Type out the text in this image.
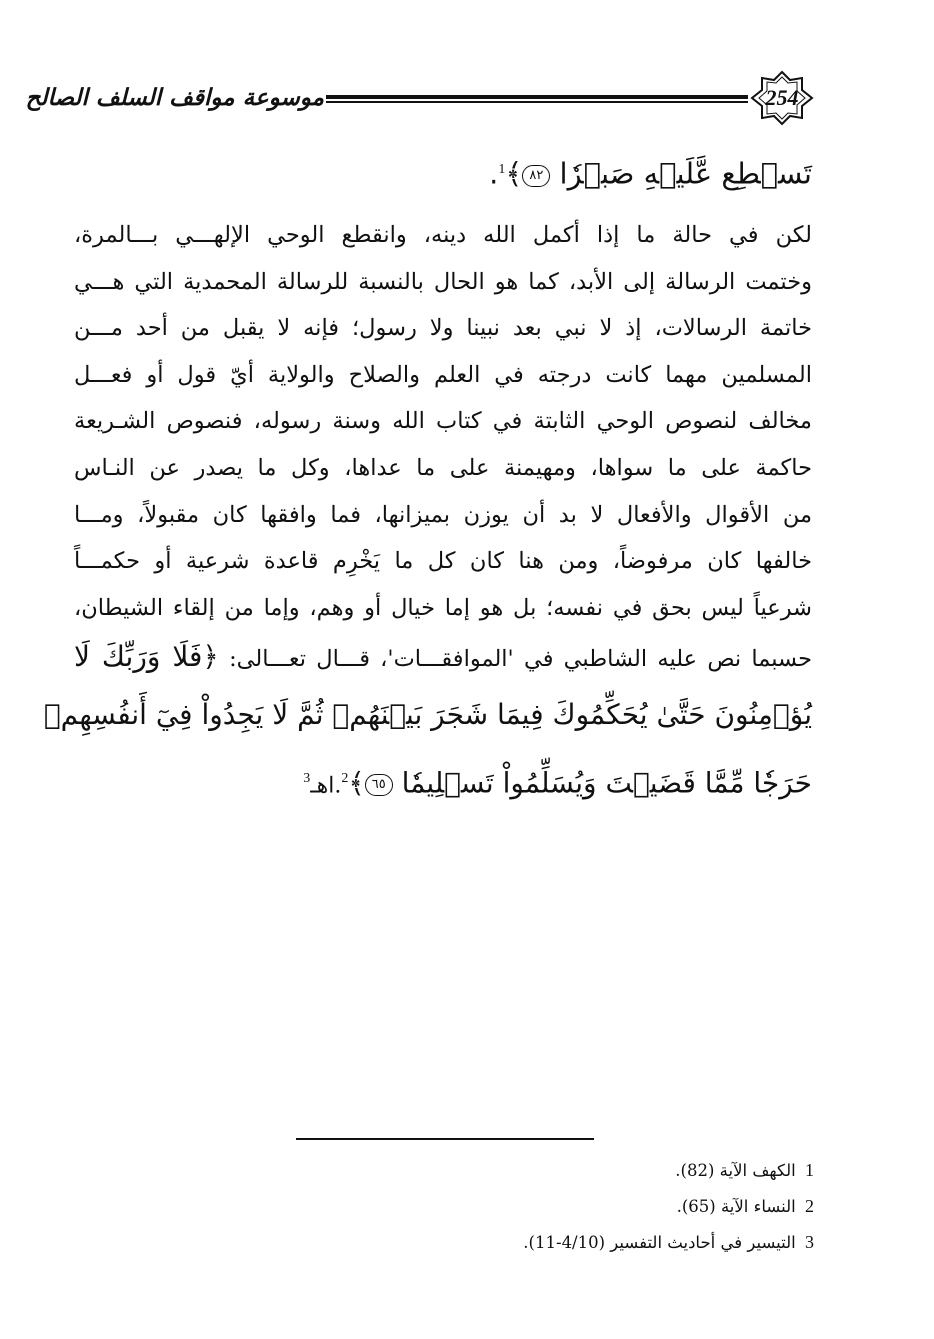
254
موسوعة مواقف السلف الصالح
تَسۡطِع عَّلَيۡهِ صَبۡرٗا ٨٢﴾$^1$.
لكن في حالة ما إذا أكمل الله دينه، وانقطع الوحي الإلهـــي بـــالمرة،
وختمت الرسالة إلى الأبد، كما هو الحال بالنسبة للرسالة المحمدية التي هـــي
خاتمة الرسالات، إذ لا نبي بعد نبينا ولا رسول؛ فإنه لا يقبل من أحد مـــن
المسلمين مهما كانت درجته في العلم والصلاح والولاية أيّ قول أو فعـــل
مخالف لنصوص الوحي الثابتة في كتاب الله وسنة رسوله، فنصوص الشـريعة
حاكمة على ما سواها، ومهيمنة على ما عداها، وكل ما يصدر عن النـاس
من الأقوال والأفعال لا بد أن يوزن بميزانها، فما وافقها كان مقبولاً، ومـــا
خالفها كان مرفوضاً، ومن هنا كان كل ما يَخْرِم قاعدة شرعية أو حكمـــاً
شرعياً ليس بحق في نفسه؛ بل هو إما خيال أو وهم، وإما من إلقاء الشيطان،
حسبما نص عليه الشاطبي في 'الموافقـــات'، قـــال تعـــالى: ﴿فَلَا وَرَبِّكَ لَا
يُؤۡمِنُونَ حَتَّىٰ يُحَكِّمُوكَ فِيمَا شَجَرَ بَيۡنَهُمۡ ثُمَّ لَا يَجِدُواْ فِيٓ أَنفُسِهِمۡ
حَرَجٗا مِّمَّا قَضَيۡتَ وَيُسَلِّمُواْ تَسۡلِيمٗا ٦٥﴾$^2$.اهـ$^3$
1 الكهف الآية (82).
2 النساء الآية (65).
3 التيسير في أحاديث التفسير (4/10-11).
